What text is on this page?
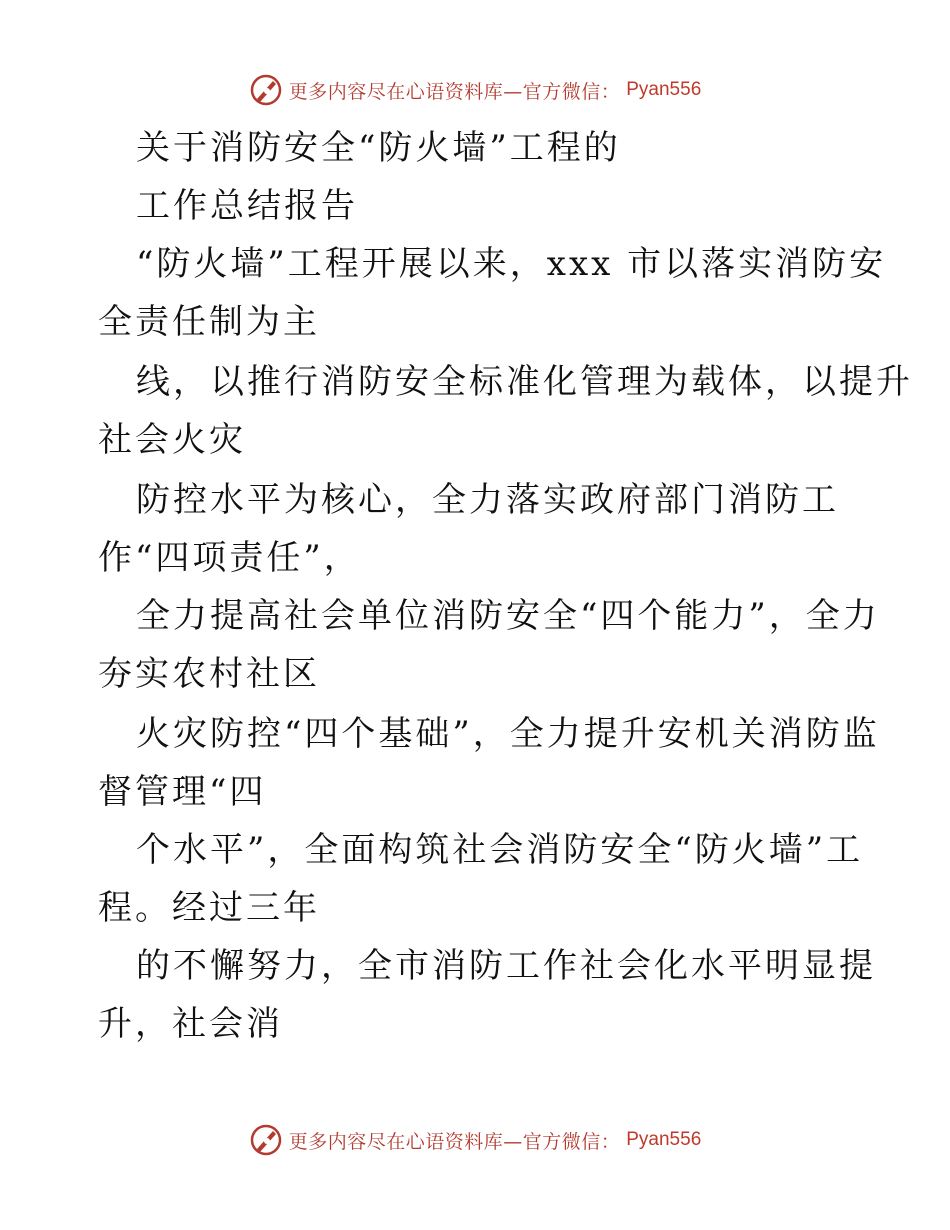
更多内容尽在心语资料库—官方微信： Pyan556
关于消防安全“防火墙”工程的
工作总结报告
“防火墙”工程开展以来，xxx 市以落实消防安
全责任制为主
线，以推行消防安全标准化管理为载体，以提升
社会火灾
防控水平为核心，全力落实政府部门消防工
作“四项责任”，
全力提高社会单位消防安全“四个能力”，全力
夯实农村社区
火灾防控“四个基础”，全力提升安机关消防监
督管理“四
个水平”，全面构筑社会消防安全“防火墙”工
程。经过三年
的不懈努力，全市消防工作社会化水平明显提
升，社会消
更多内容尽在心语资料库—官方微信： Pyan556
